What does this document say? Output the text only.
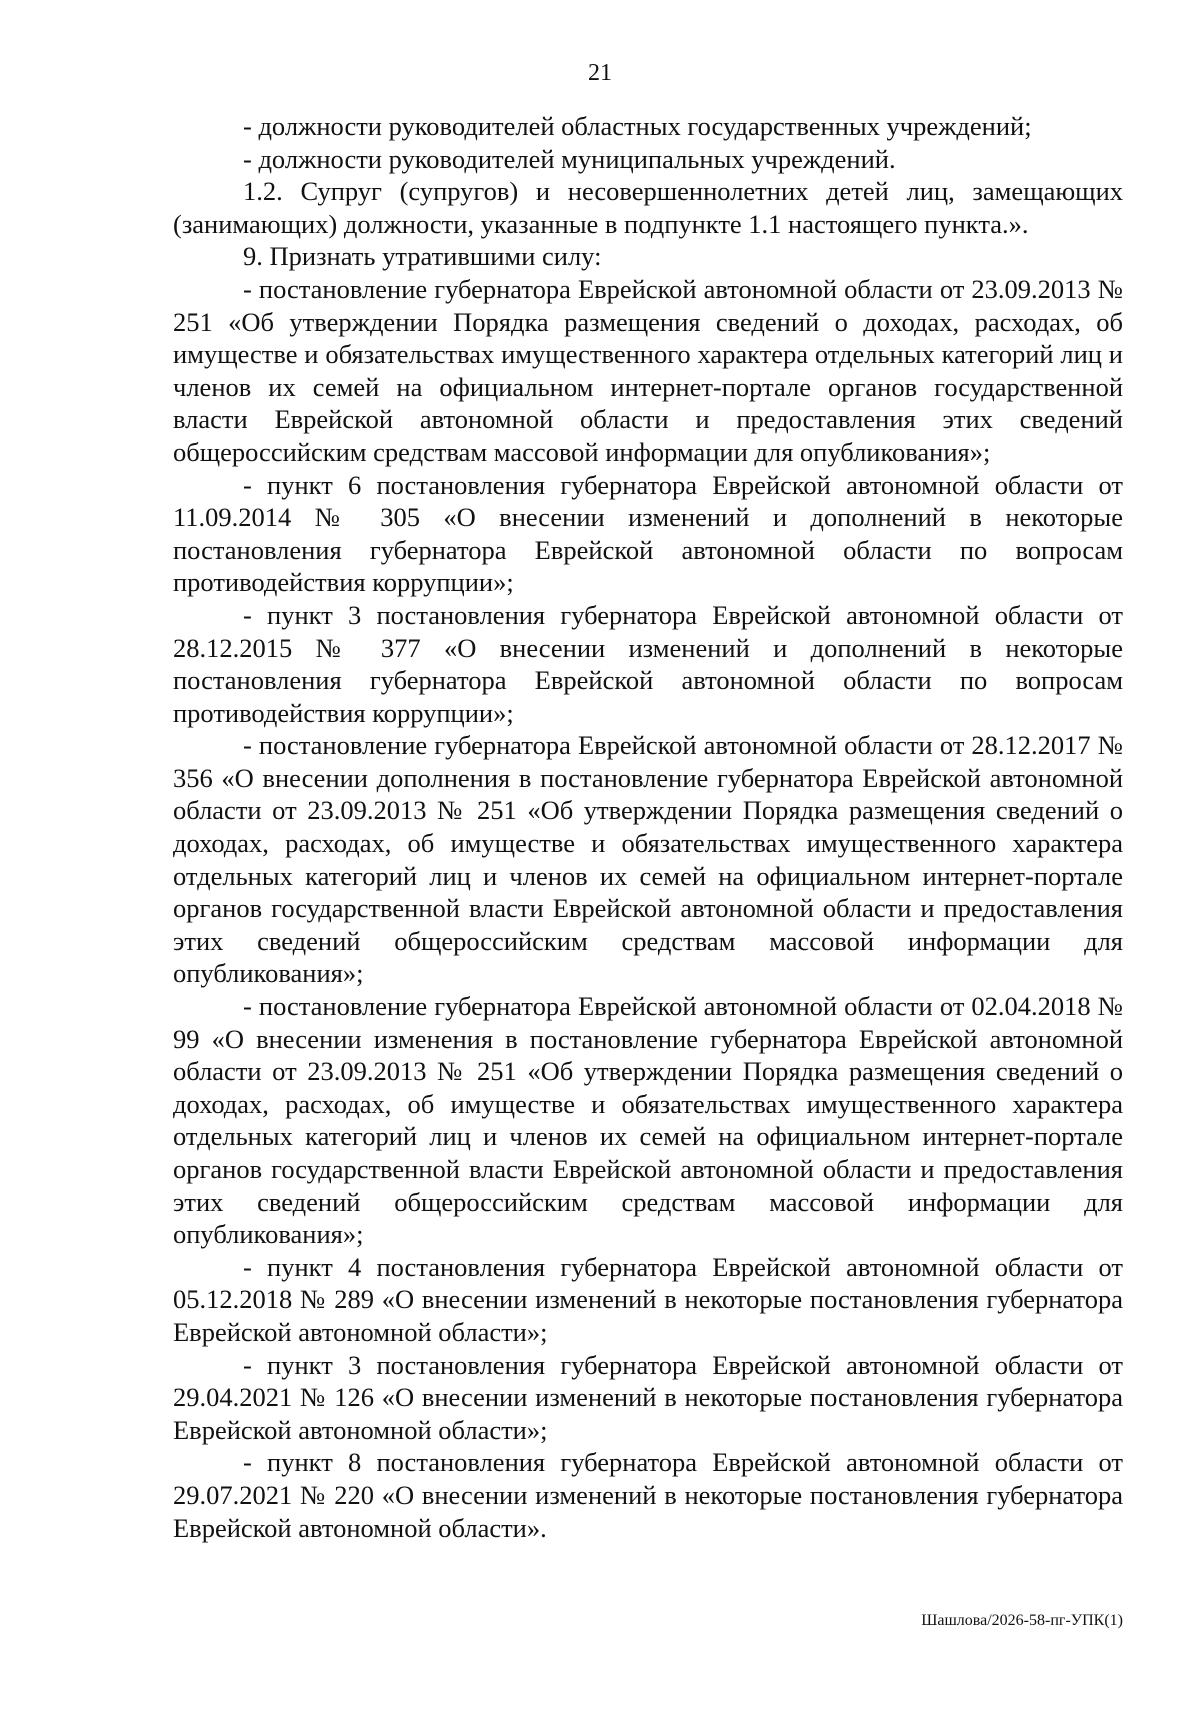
21

- должности руководителей областных государственных учреждений;

- должности руководителей муниципальных учреждений.

1.2. Супруг (супругов) и несовершеннолетних детей лиц, замещающих (занимающих) должности, указанные в подпункте 1.1 настоящего пункта.».

9. Признать утратившими силу:

- постановление губернатора Еврейской автономной области от 23.09.2013 № 251 «Об утверждении Порядка размещения сведений о доходах, расходах, об имуществе и обязательствах имущественного характера отдельных категорий лиц и членов их семей на официальном интернет-портале органов государственной власти Еврейской автономной области и предоставления этих сведений общероссийским средствам массовой информации для опубликования»;

- пункт 6 постановления губернатора Еврейской автономной области от 11.09.2014 № 305 «О внесении изменений и дополнений в некоторые постановления губернатора Еврейской автономной области по вопросам противодействия коррупции»;

- пункт 3 постановления губернатора Еврейской автономной области от 28.12.2015 № 377 «О внесении изменений и дополнений в некоторые постановления губернатора Еврейской автономной области по вопросам противодействия коррупции»;

- постановление губернатора Еврейской автономной области от 28.12.2017 № 356 «О внесении дополнения в постановление губернатора Еврейской автономной области от 23.09.2013 № 251 «Об утверждении Порядка размещения сведений о доходах, расходах, об имуществе и обязательствах имущественного характера отдельных категорий лиц и членов их семей на официальном интернет-портале органов государственной власти Еврейской автономной области и предоставления этих сведений общероссийским средствам массовой информации для опубликования»;

- постановление губернатора Еврейской автономной области от 02.04.2018 № 99 «О внесении изменения в постановление губернатора Еврейской автономной области от 23.09.2013 № 251 «Об утверждении Порядка размещения сведений о доходах, расходах, об имуществе и обязательствах имущественного характера отдельных категорий лиц и членов их семей на официальном интернет-портале органов государственной власти Еврейской автономной области и предоставления этих сведений общероссийским средствам массовой информации для опубликования»;

- пункт 4 постановления губернатора Еврейской автономной области от 05.12.2018 № 289 «О внесении изменений в некоторые постановления губернатора Еврейской автономной области»;

- пункт 3 постановления губернатора Еврейской автономной области от 29.04.2021 № 126 «О внесении изменений в некоторые постановления губернатора Еврейской автономной области»;

- пункт 8 постановления губернатора Еврейской автономной области от 29.07.2021 № 220 «О внесении изменений в некоторые постановления губернатора Еврейской автономной области».

Шашлова/2026-58-пг-УПК(1)
